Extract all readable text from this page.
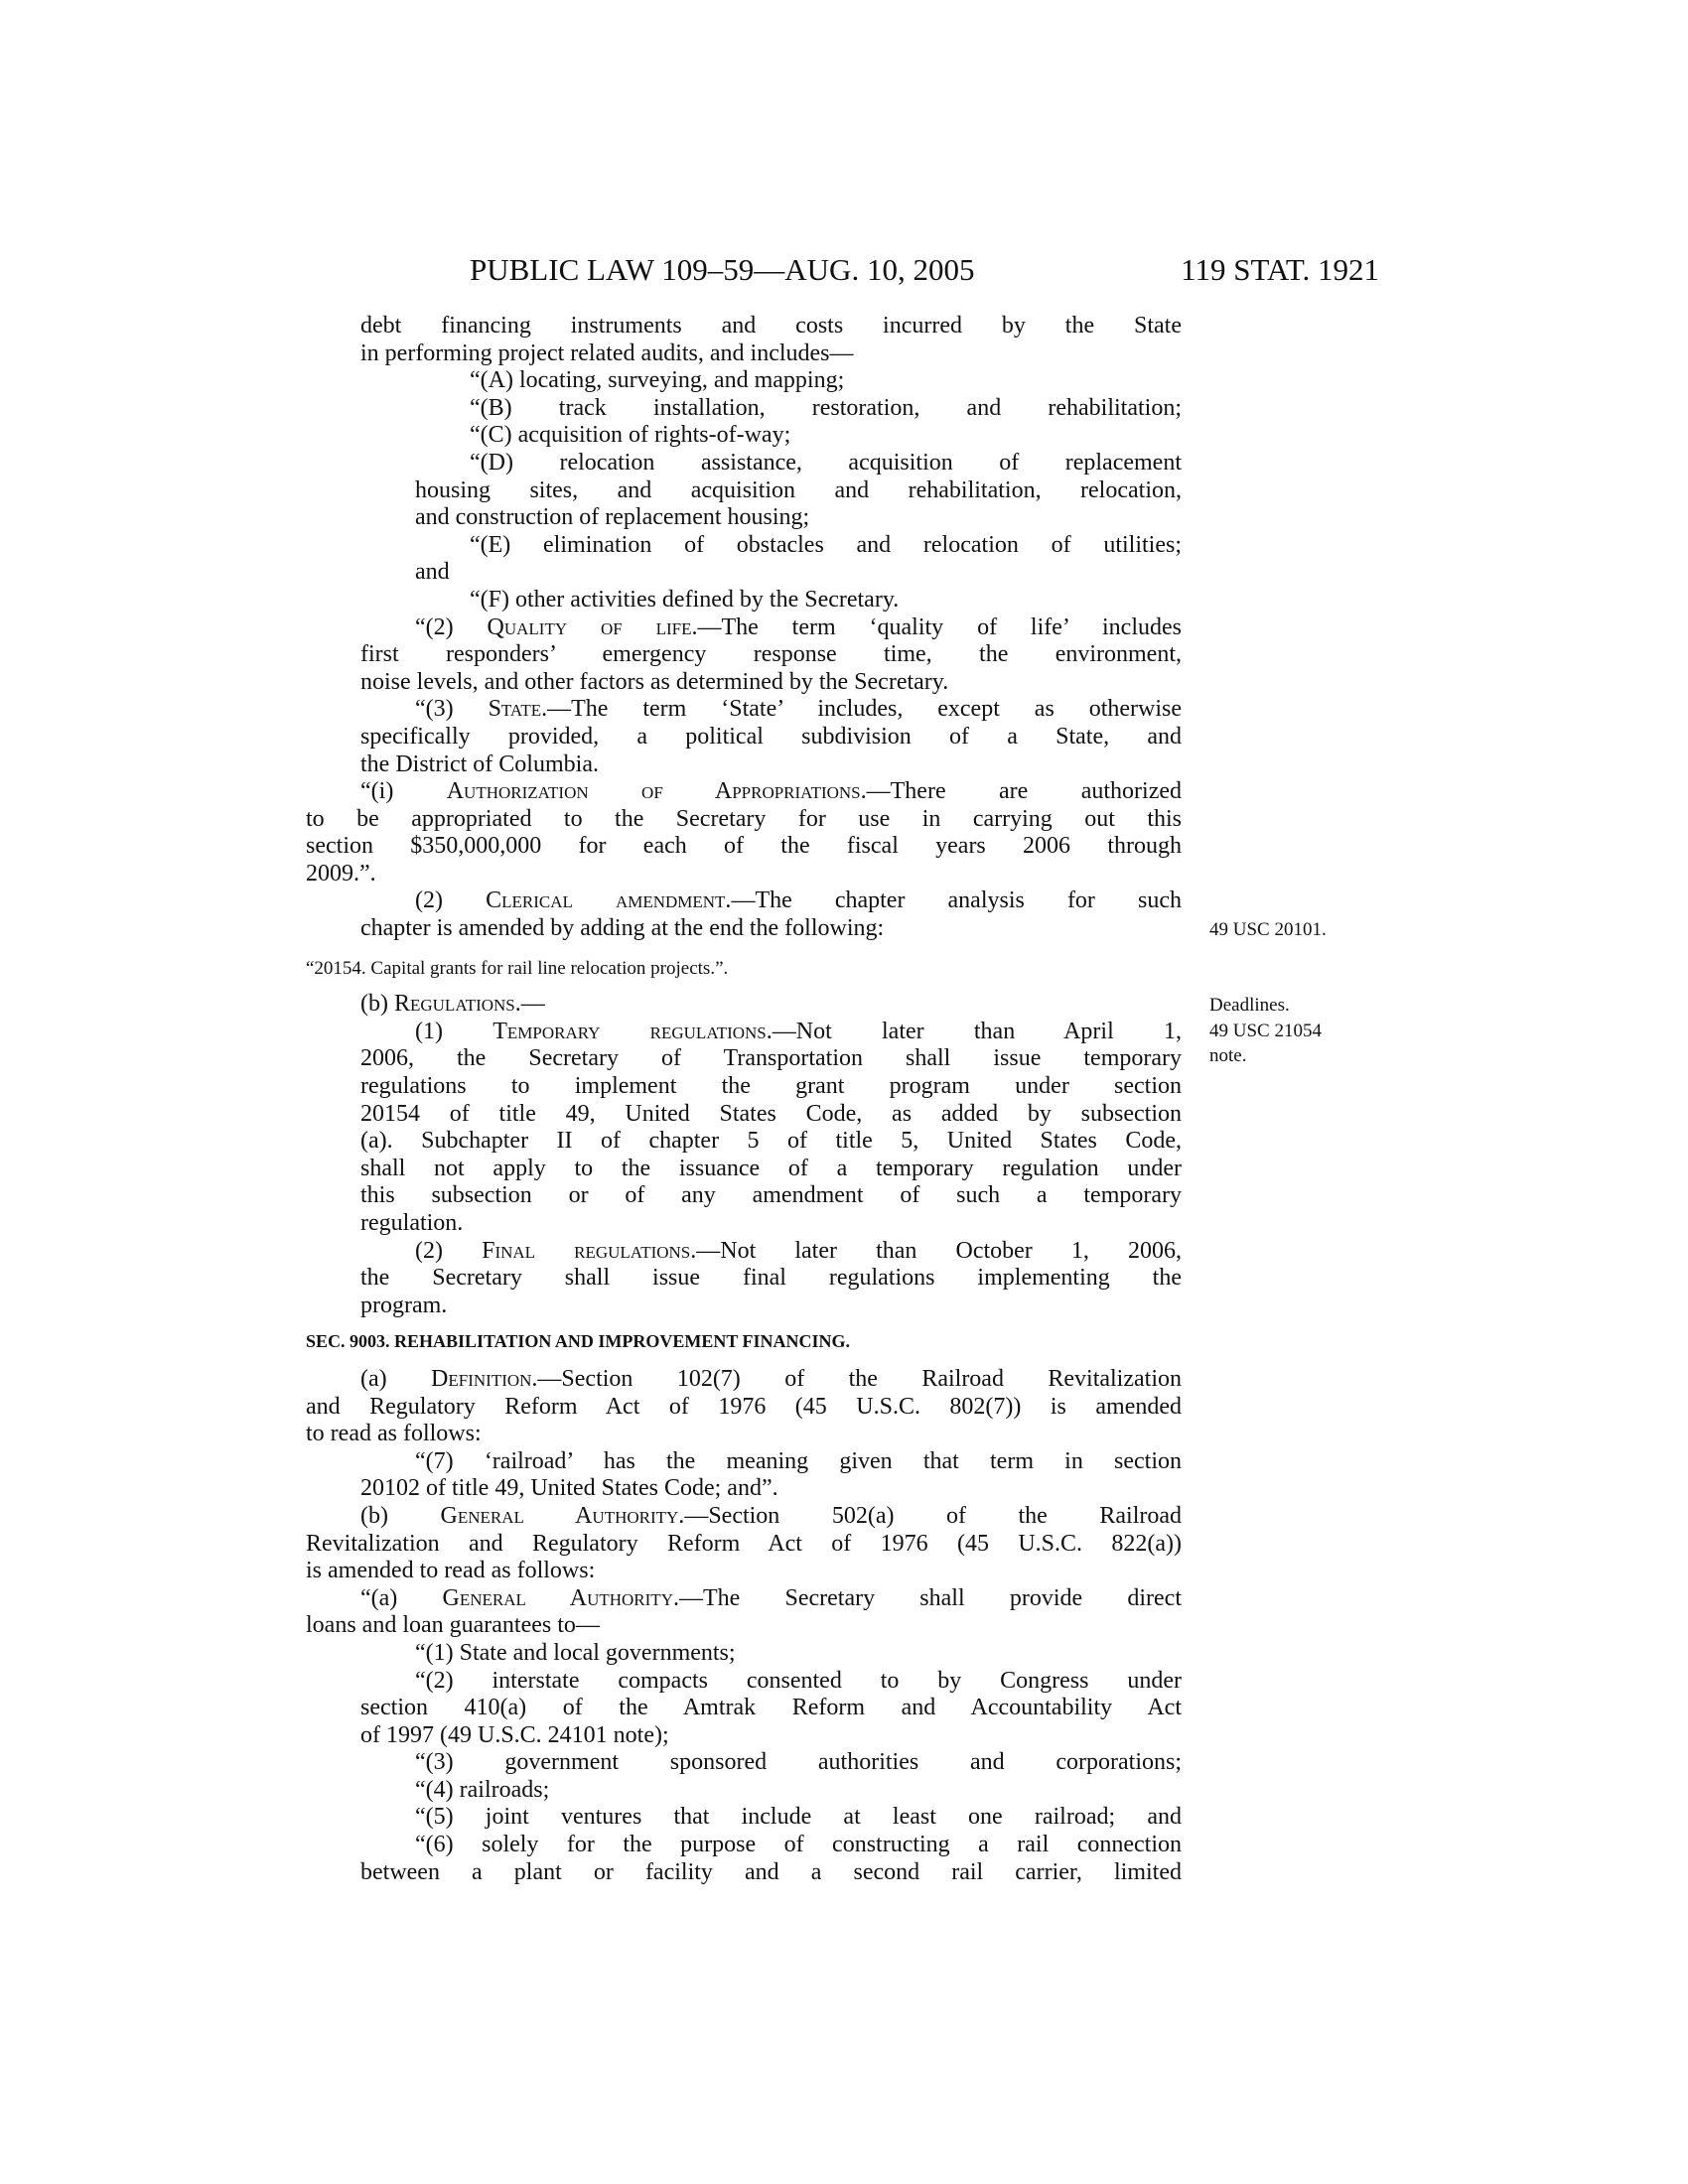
PUBLIC LAW 109–59—AUG. 10, 2005	119 STAT. 1921
debt financing instruments and costs incurred by the State
in performing project related audits, and includes—
“(A) locating, surveying, and mapping;
“(B) track installation, restoration, and rehabilitation;
“(C) acquisition of rights-of-way;
“(D) relocation assistance, acquisition of replacement
housing sites, and acquisition and rehabilitation, relocation,
and construction of replacement housing;
“(E) elimination of obstacles and relocation of utilities;
and
“(F) other activities defined by the Secretary.
“(2) Quality of life.—The term ‘quality of life’ includes
first responders’ emergency response time, the environment,
noise levels, and other factors as determined by the Secretary.
“(3) State.—The term ‘State’ includes, except as otherwise
specifically provided, a political subdivision of a State, and
the District of Columbia.
“(i) Authorization of Appropriations.—There are authorized
to be appropriated to the Secretary for use in carrying out this
section $350,000,000 for each of the fiscal years 2006 through
2009.”.
(2) Clerical amendment.—The chapter analysis for such
chapter is amended by adding at the end the following:	49 USC 20101.
“20154. Capital grants for rail line relocation projects.”.
(b) Regulations.—	Deadlines.
49 USC 21054
note.
(1) Temporary regulations.—Not later than April 1,
2006, the Secretary of Transportation shall issue temporary
regulations to implement the grant program under section
20154 of title 49, United States Code, as added by subsection
(a). Subchapter II of chapter 5 of title 5, United States Code,
shall not apply to the issuance of a temporary regulation under
this subsection or of any amendment of such a temporary
regulation.
(2) Final regulations.—Not later than October 1, 2006,
the Secretary shall issue final regulations implementing the
program.
SEC. 9003. REHABILITATION AND IMPROVEMENT FINANCING.
(a) Definition.—Section 102(7) of the Railroad Revitalization
and Regulatory Reform Act of 1976 (45 U.S.C. 802(7)) is amended
to read as follows:
“(7) ‘railroad’ has the meaning given that term in section
20102 of title 49, United States Code; and”.
(b) General Authority.—Section 502(a) of the Railroad
Revitalization and Regulatory Reform Act of 1976 (45 U.S.C. 822(a))
is amended to read as follows:
“(a) General Authority.—The Secretary shall provide direct
loans and loan guarantees to—
“(1) State and local governments;
“(2) interstate compacts consented to by Congress under
section 410(a) of the Amtrak Reform and Accountability Act
of 1997 (49 U.S.C. 24101 note);
“(3) government sponsored authorities and corporations;
“(4) railroads;
“(5) joint ventures that include at least one railroad; and
“(6) solely for the purpose of constructing a rail connection
between a plant or facility and a second rail carrier, limited
